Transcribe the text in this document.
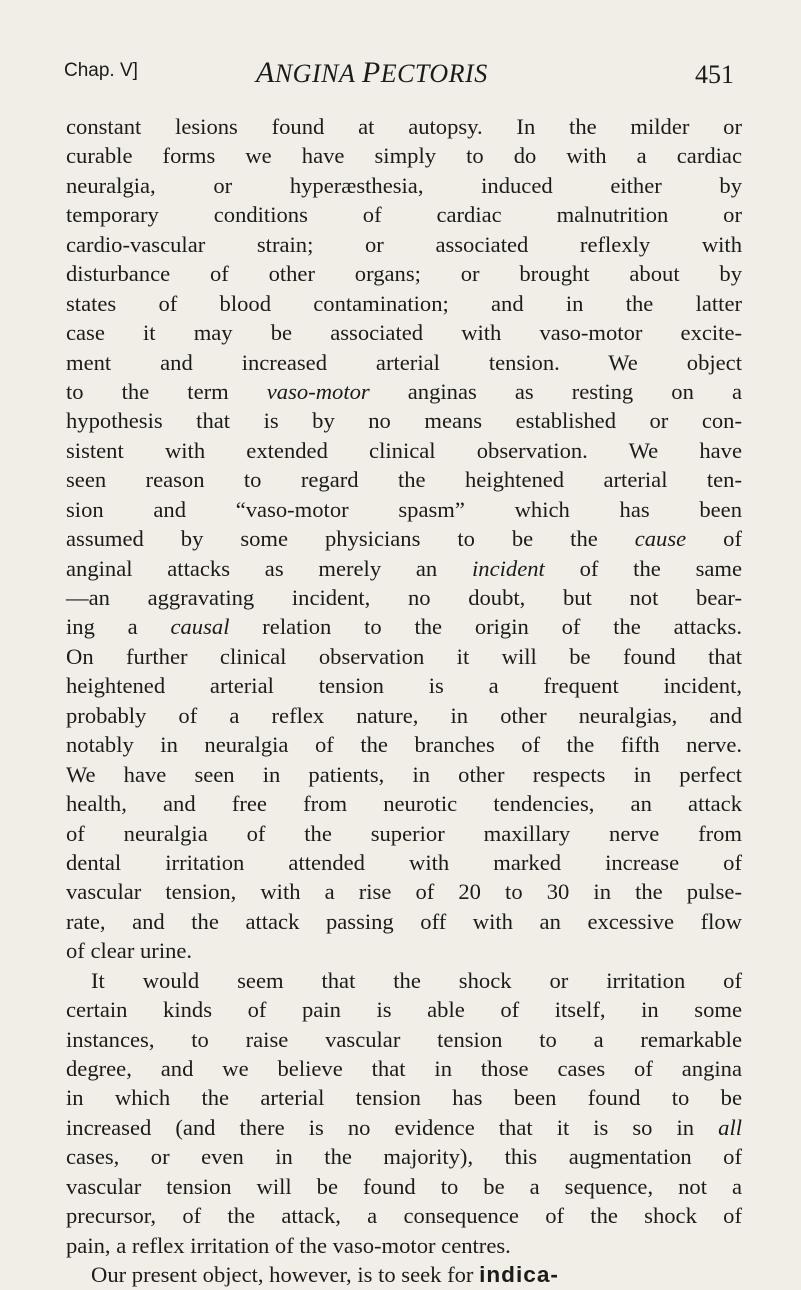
Chap. V]	ANGINA PECTORIS	451
constant lesions found at autopsy. In the milder or
curable forms we have simply to do with a cardiac
neuralgia, or hyperæsthesia, induced either by
temporary conditions of cardiac malnutrition or
cardio-vascular strain; or associated reflexly with
disturbance of other organs; or brought about by
states of blood contamination; and in the latter
case it may be associated with vaso-motor excite-
ment and increased arterial tension. We object
to the term vaso-motor anginas as resting on a
hypothesis that is by no means established or con-
sistent with extended clinical observation. We have
seen reason to regard the heightened arterial ten-
sion and “vaso-motor spasm” which has been
assumed by some physicians to be the cause of
anginal attacks as merely an incident of the same
—an aggravating incident, no doubt, but not bear-
ing a causal relation to the origin of the attacks.
On further clinical observation it will be found that
heightened arterial tension is a frequent incident,
probably of a reflex nature, in other neuralgias, and
notably in neuralgia of the branches of the fifth nerve.
We have seen in patients, in other respects in perfect
health, and free from neurotic tendencies, an attack
of neuralgia of the superior maxillary nerve from
dental irritation attended with marked increase of
vascular tension, with a rise of 20 to 30 in the pulse-
rate, and the attack passing off with an excessive flow
of clear urine.
It would seem that the shock or irritation of
certain kinds of pain is able of itself, in some
instances, to raise vascular tension to a remarkable
degree, and we believe that in those cases of angina
in which the arterial tension has been found to be
increased (and there is no evidence that it is so in all
cases, or even in the majority), this augmentation of
vascular tension will be found to be a sequence, not a
precursor, of the attack, a consequence of the shock of
pain, a reflex irritation of the vaso-motor centres.
Our present object, however, is to seek for indica-
